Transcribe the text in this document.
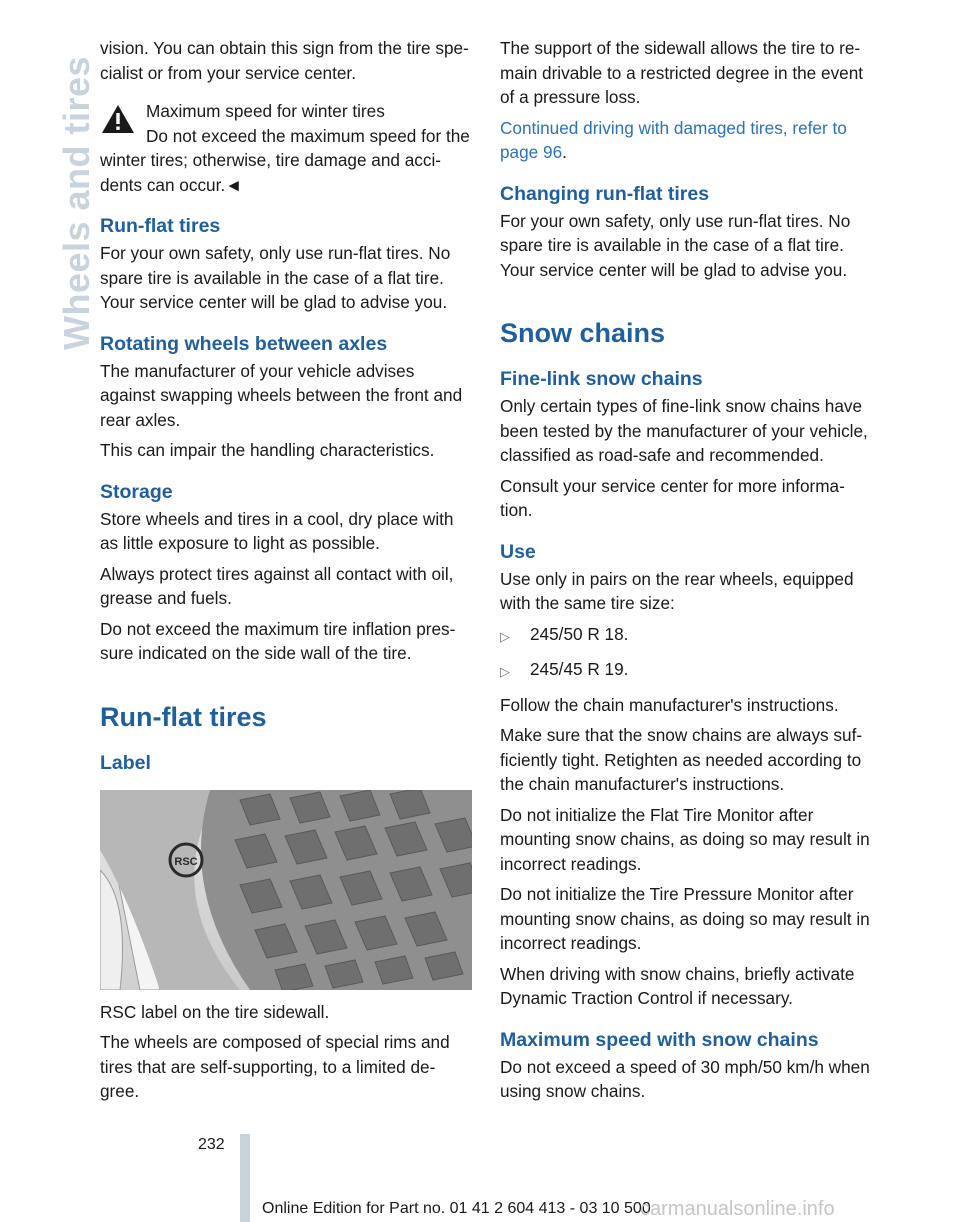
Wheels and tires

vision. You can obtain this sign from the tire spe-cialist or from your service center.

Maximum speed for winter tires

Do not exceed the maximum speed for the winter tires; otherwise, tire damage and acci-dents can occur.◄

Run-flat tires

For your own safety, only use run-flat tires. No spare tire is available in the case of a flat tire. Your service center will be glad to advise you.

Rotating wheels between axles

The manufacturer of your vehicle advises against swapping wheels between the front and rear axles.

This can impair the handling characteristics.

Storage

Store wheels and tires in a cool, dry place with as little exposure to light as possible.

Always protect tires against all contact with oil, grease and fuels.

Do not exceed the maximum tire inflation pres-sure indicated on the side wall of the tire.

Run-flat tires
Label
RSC

RSC label on the tire sidewall.

The wheels are composed of special rims and tires that are self-supporting, to a limited de-gree.

The support of the sidewall allows the tire to re-main drivable to a restricted degree in the event of a pressure loss.

Continued driving with damaged tires, refer to page 96.

Changing run-flat tires

For your own safety, only use run-flat tires. No spare tire is available in the case of a flat tire. Your service center will be glad to advise you.

Snow chains
Fine-link snow chains

Only certain types of fine-link snow chains have been tested by the manufacturer of your vehicle, classified as road-safe and recommended.

Consult your service center for more informa-tion.

Use

Use only in pairs on the rear wheels, equipped with the same tire size:

▷	245/50 R 18.
▷	245/45 R 19.

Follow the chain manufacturer's instructions.

Make sure that the snow chains are always suf-ficiently tight. Retighten as needed according to the chain manufacturer's instructions.

Do not initialize the Flat Tire Monitor after mounting snow chains, as doing so may result in incorrect readings.

Do not initialize the Tire Pressure Monitor after mounting snow chains, as doing so may result in incorrect readings.

When driving with snow chains, briefly activate Dynamic Traction Control if necessary.

Maximum speed with snow chains

Do not exceed a speed of 30 mph/50 km/h when using snow chains.

232
Online Edition for Part no. 01 41 2 604 413 - 03 10 500
carmanualsonline.info
